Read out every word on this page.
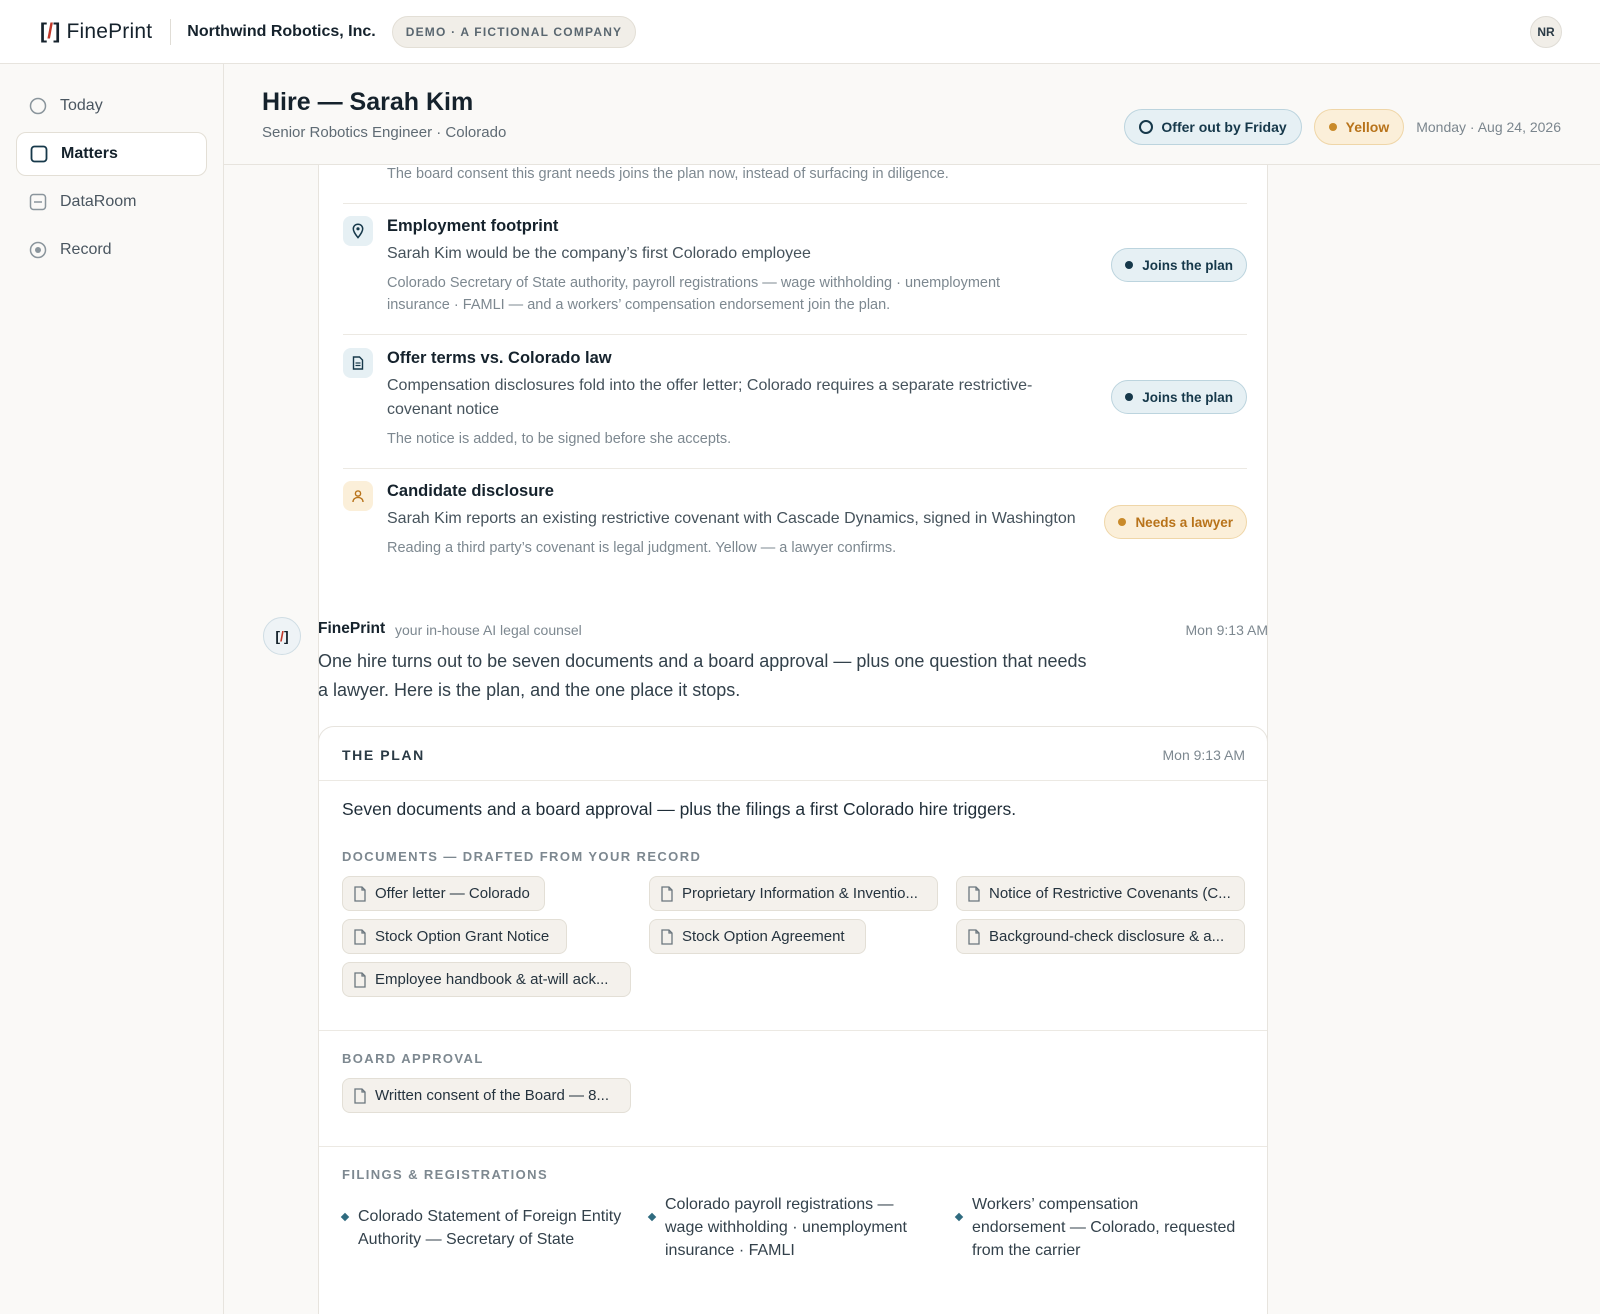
[ / ] FinePrint Northwind Robotics, Inc.	DEMO · A FICTIONAL COMPANY	NR
Today
Matters
DataRoom
Record
Hire — Sarah Kim
Senior Robotics Engineer · Colorado	Offer out by Friday	Yellow Monday · Aug 24, 2026
The board consent this grant needs joins the plan now, instead of surfacing in diligence.
Employment footprint
Sarah Kim would be the company’s first Colorado employee
Colorado Secretary of State authority, payroll registrations — wage withholding · unemployment insurance · FAMLI — and a workers’ compensation endorsement join the plan.
Joins the plan
Offer terms vs. Colorado law
Compensation disclosures fold into the offer letter; Colorado requires a separate restrictive-covenant notice
The notice is added, to be signed before she accepts.
Joins the plan
Candidate disclosure
Sarah Kim reports an existing restrictive covenant with Cascade Dynamics, signed in Washington
Reading a third party’s covenant is legal judgment. Yellow — a lawyer confirms.
Needs a lawyer
[ / ] FinePrint your in-house AI legal counsel	Mon 9:13 AM
One hire turns out to be seven documents and a board approval — plus one question that needs a lawyer. Here is the plan, and the one place it stops.
THE PLAN	Mon 9:13 AM
Seven documents and a board approval — plus the filings a first Colorado hire triggers.
DOCUMENTS — DRAFTED FROM YOUR RECORD
Offer letter — Colorado	Proprietary Information & Inventio...	Notice of Restrictive Covenants (C...
Stock Option Grant Notice	Stock Option Agreement	Background-check disclosure & a...
Employee handbook & at-will ack...
BOARD APPROVAL
Written consent of the Board — 8...
FILINGS & REGISTRATIONS
Colorado Statement of Foreign Entity Authority — Secretary of State
Colorado payroll registrations — wage withholding · unemployment insurance · FAMLI
Workers’ compensation endorsement — Colorado, requested from the carrier
